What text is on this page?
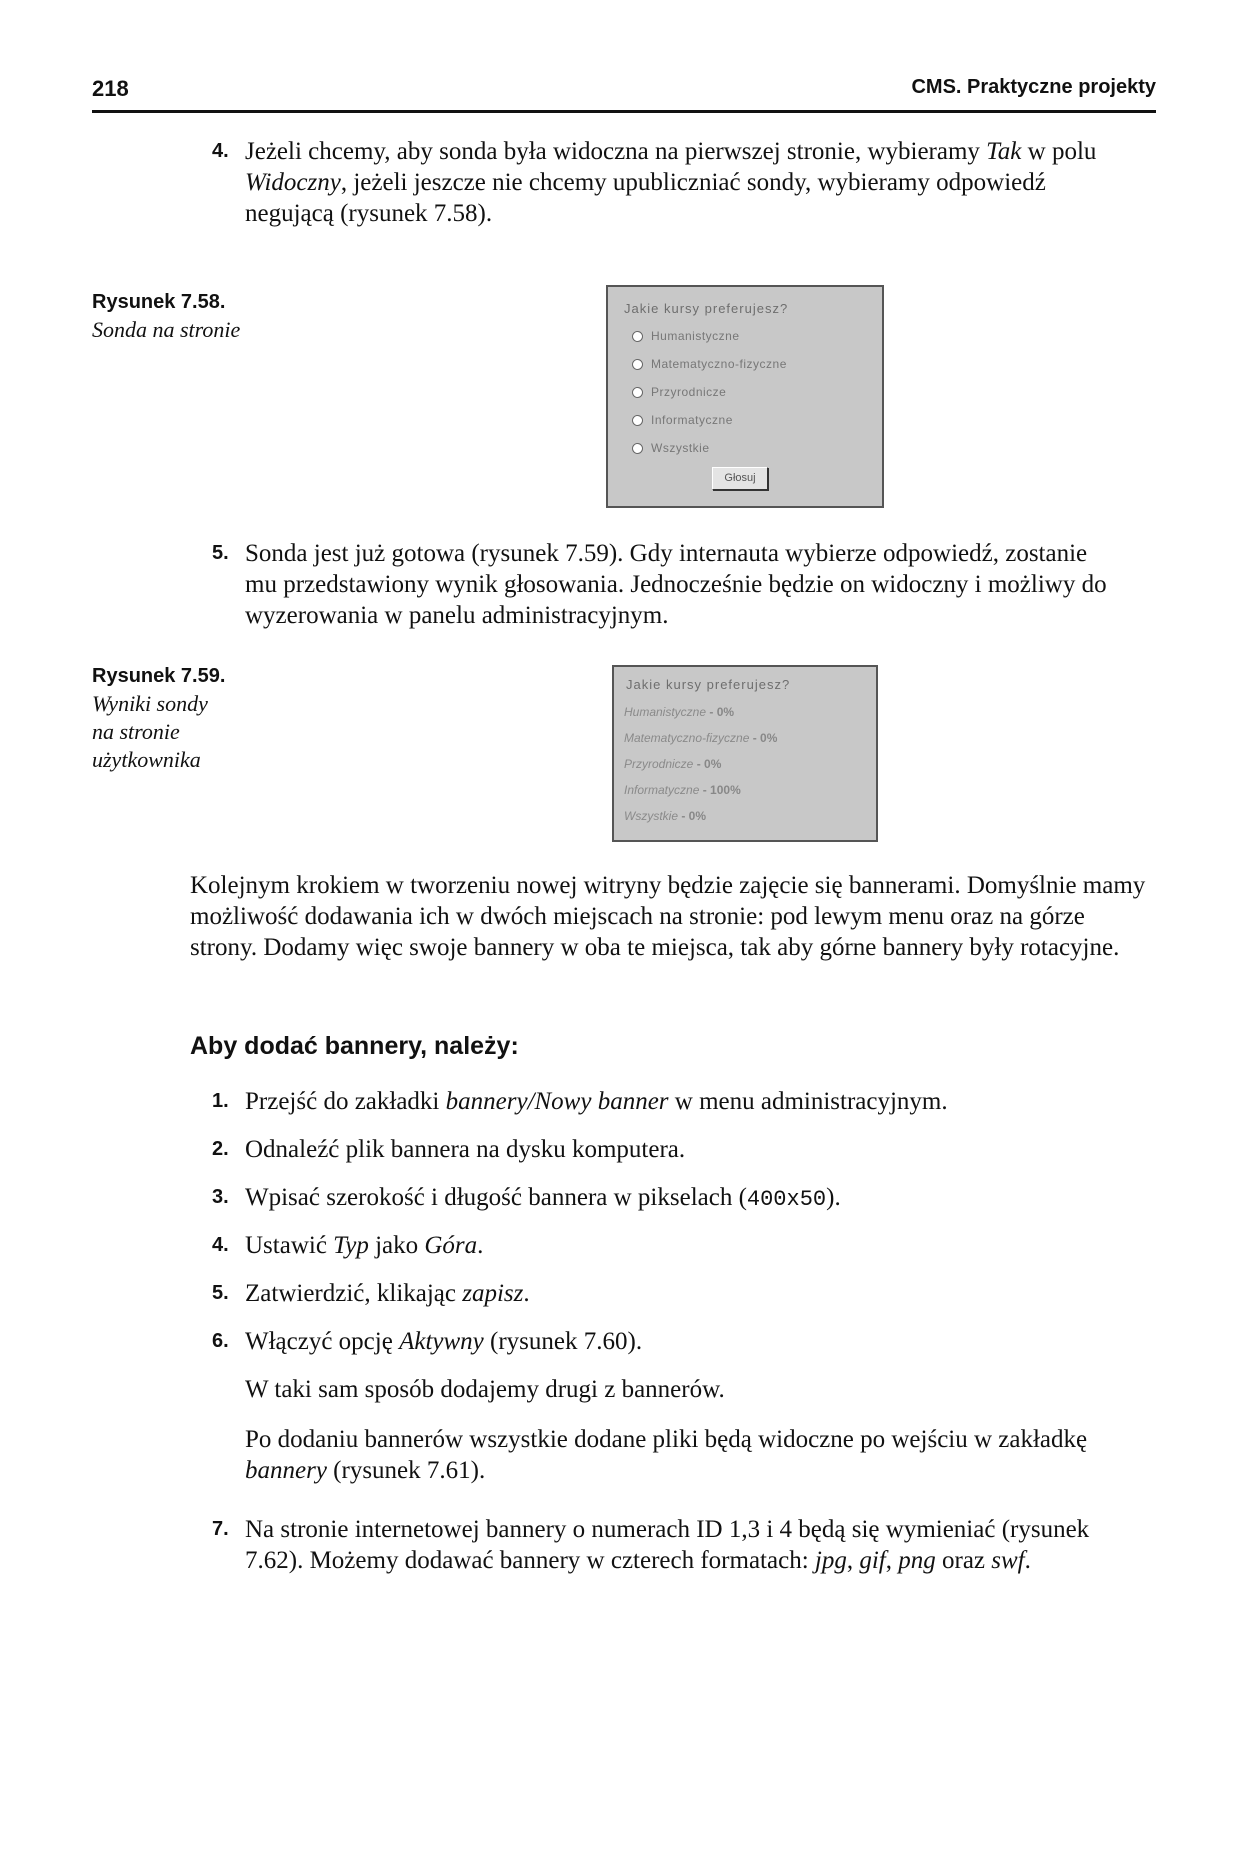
218	CMS. Praktyczne projekty
4. Jeżeli chcemy, aby sonda była widoczna na pierwszej stronie, wybieramy Tak w polu Widoczny, jeżeli jeszcze nie chcemy upubliczniać sondy, wybieramy odpowiedź negującą (rysunek 7.58).
Rysunek 7.58.
Sonda na stronie
Jakie kursy preferujesz?
Humanistyczne
Matematyczno-fizyczne
Przyrodnicze
Informatyczne
Wszystkie
Głosuj
5. Sonda jest już gotowa (rysunek 7.59). Gdy internauta wybierze odpowiedź, zostanie mu przedstawiony wynik głosowania. Jednocześnie będzie on widoczny i możliwy do wyzerowania w panelu administracyjnym.
Rysunek 7.59.
Wyniki sondy
na stronie
użytkownika
Jakie kursy preferujesz?
Humanistyczne - 0%
Matematyczno-fizyczne - 0%
Przyrodnicze - 0%
Informatyczne - 100%
Wszystkie - 0%
Kolejnym krokiem w tworzeniu nowej witryny będzie zajęcie się bannerami. Domyślnie mamy możliwość dodawania ich w dwóch miejscach na stronie: pod lewym menu oraz na górze strony. Dodamy więc swoje bannery w oba te miejsca, tak aby górne bannery były rotacyjne.
Aby dodać bannery, należy:
1. Przejść do zakładki bannery/Nowy banner w menu administracyjnym.
2. Odnaleźć plik bannera na dysku komputera.
3. Wpisać szerokość i długość bannera w pikselach (400x50).
4. Ustawić Typ jako Góra.
5. Zatwierdzić, klikając zapisz.
6. Włączyć opcję Aktywny (rysunek 7.60).
W taki sam sposób dodajemy drugi z bannerów.
Po dodaniu bannerów wszystkie dodane pliki będą widoczne po wejściu w zakładkę bannery (rysunek 7.61).
7. Na stronie internetowej bannery o numerach ID 1,3 i 4 będą się wymieniać (rysunek 7.62). Możemy dodawać bannery w czterech formatach: jpg, gif, png oraz swf.
